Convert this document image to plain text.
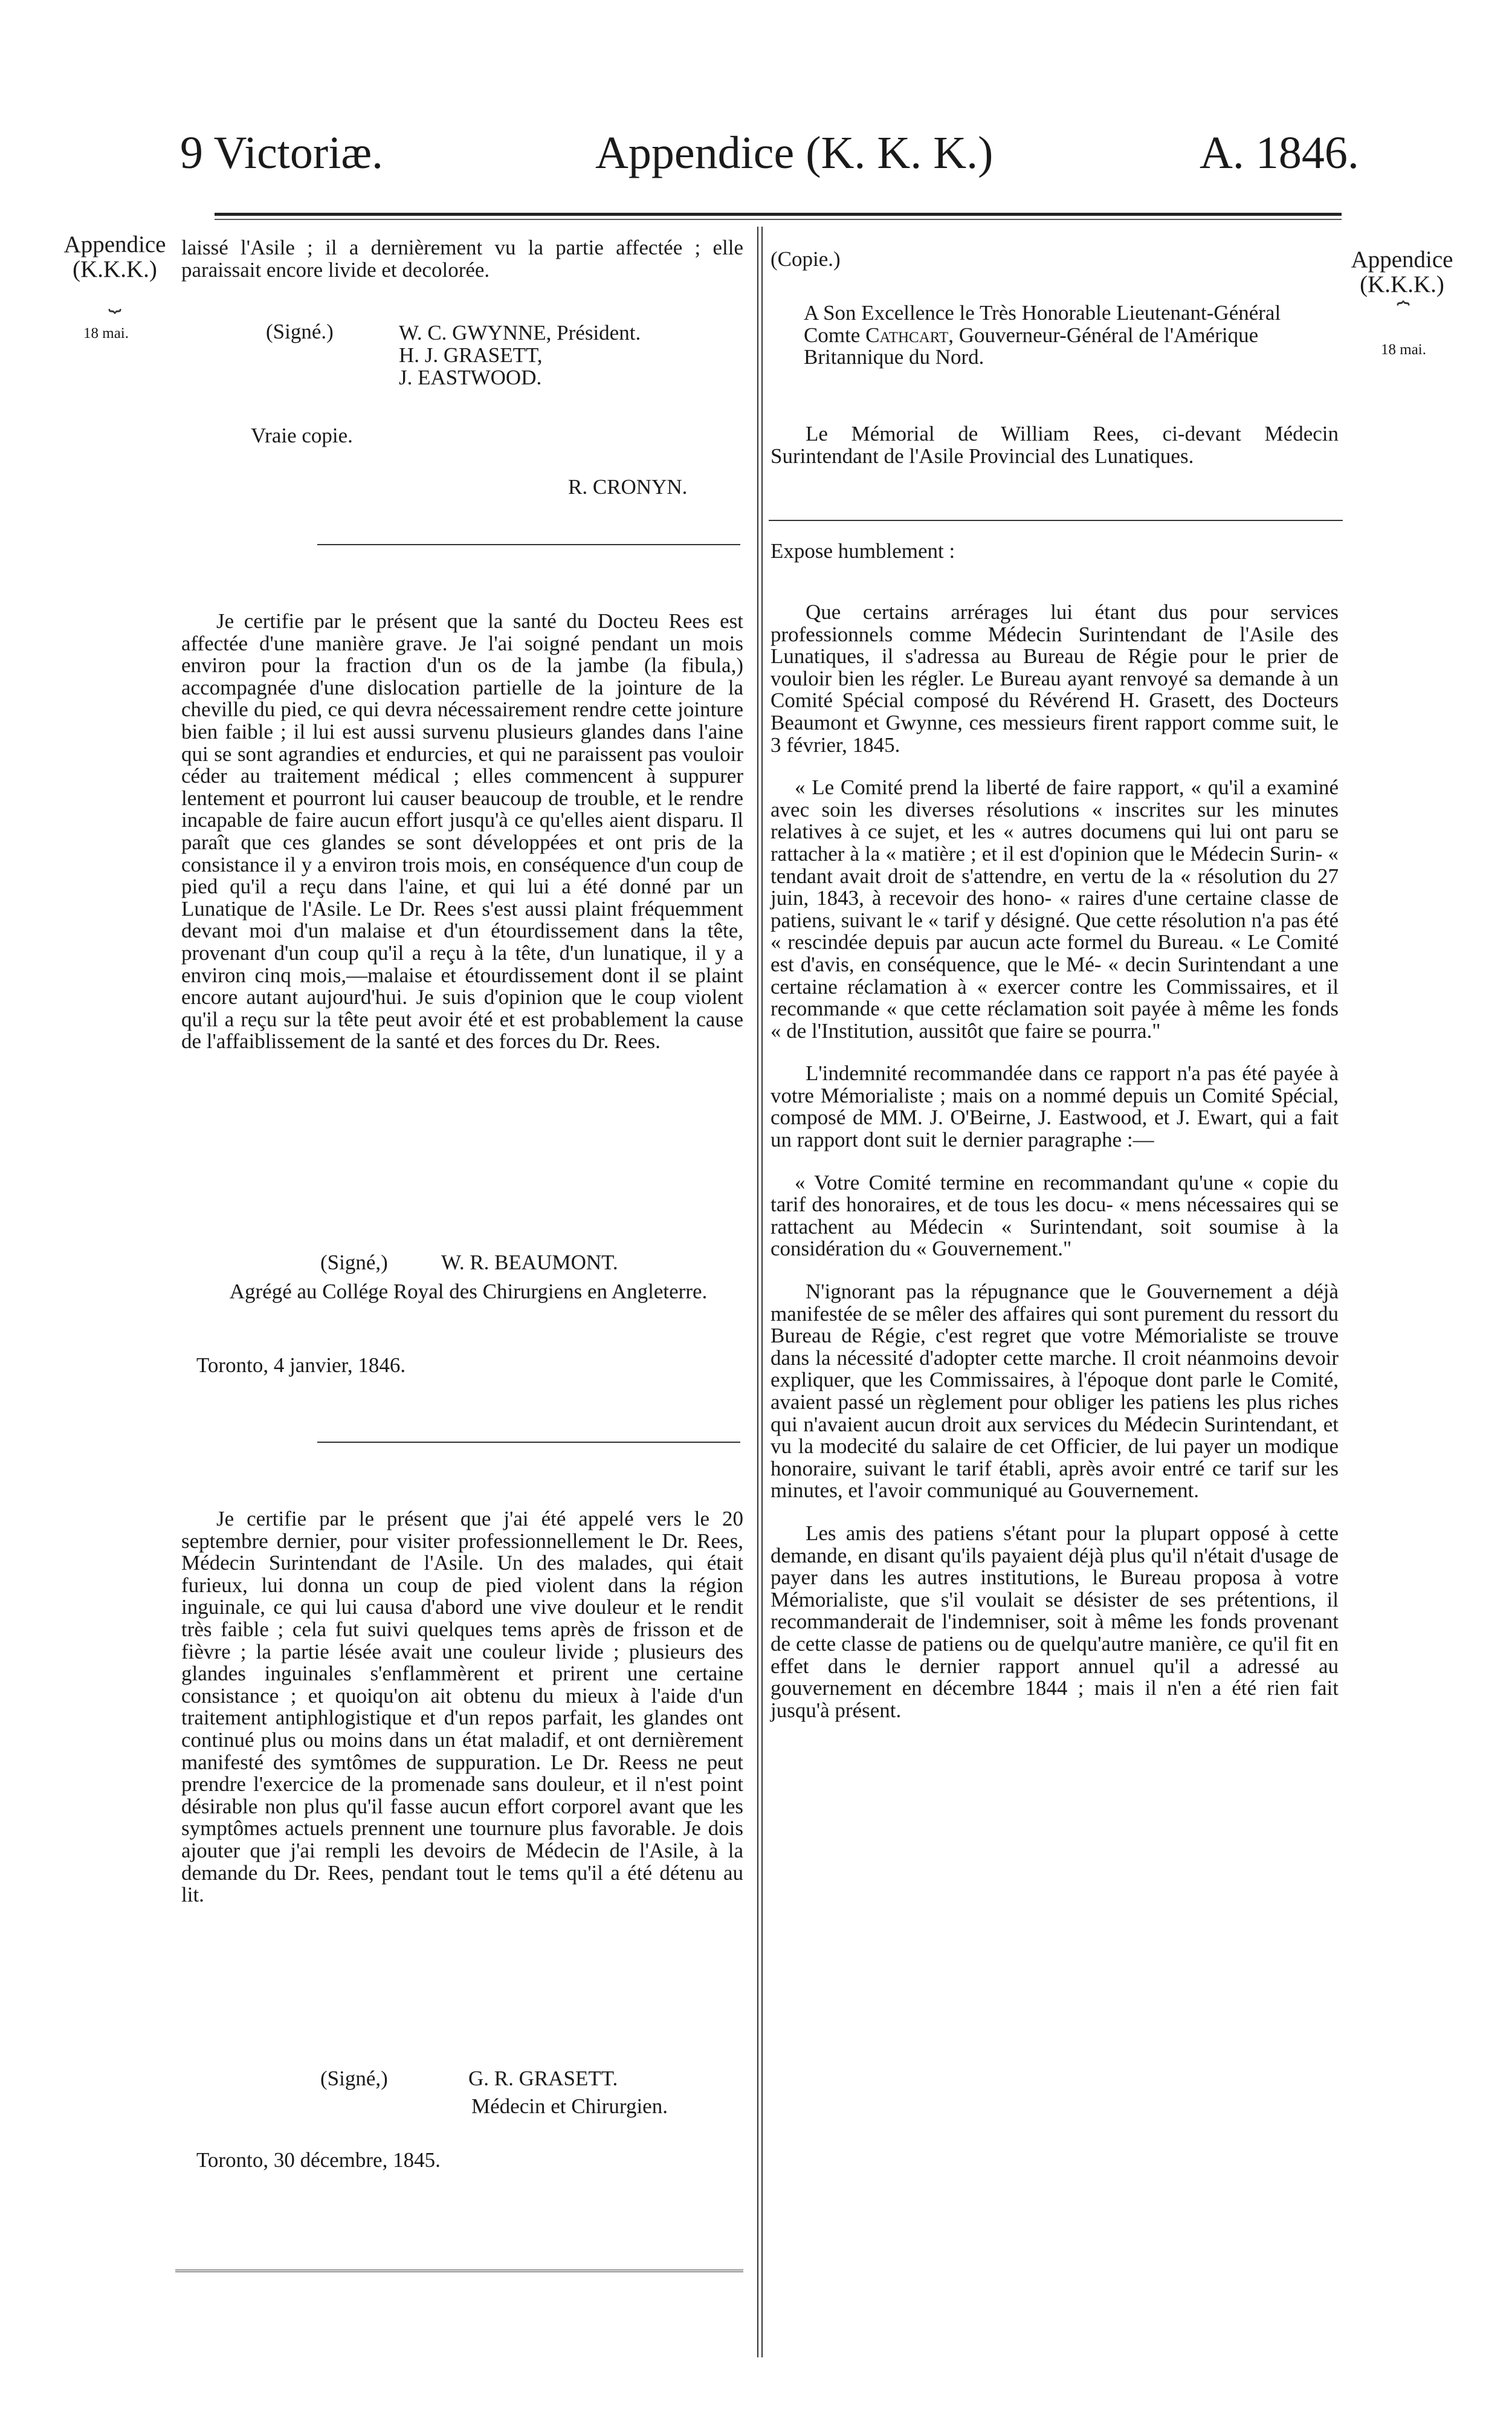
9 Victoriæ.	Appendice (K. K. K.)	A. 1846.
Appendice
(K.K.K.)
⏟
18 mai.
Appendice
(K.K.K.)
⏞
18 mai.

laissé l'Asile ; il a dernièrement vu la partie affectée ; elle paraissait encore livide et decolorée.

(Signé.)	W. C. GWYNNE, Président.
H. J. GRASETT,
J. EASTWOOD.
Vraie copie.
R. CRONYN.

Je certifie par le présent que la santé du Docteu Rees est affectée d'une manière grave. Je l'ai soigné pendant un mois environ pour la fraction d'un os de la jambe (la fibula,) accompagnée d'une dislocation partielle de la jointure de la cheville du pied, ce qui devra nécessairement rendre cette jointure bien faible ; il lui est aussi survenu plusieurs glandes dans l'aine qui se sont agrandies et endurcies, et qui ne paraissent pas vouloir céder au traitement médical ; elles commencent à suppurer lentement et pourront lui causer beaucoup de trouble, et le rendre incapable de faire aucun effort jusqu'à ce qu'elles aient disparu. Il paraît que ces glandes se sont développées et ont pris de la consistance il y a environ trois mois, en conséquence d'un coup de pied qu'il a reçu dans l'aine, et qui lui a été donné par un Lunatique de l'Asile. Le Dr. Rees s'est aussi plaint fréquemment devant moi d'un malaise et d'un étourdissement dans la tête, provenant d'un coup qu'il a reçu à la tête, d'un lunatique, il y a environ cinq mois,—malaise et étourdissement dont il se plaint encore autant aujourd'hui. Je suis d'opinion que le coup violent qu'il a reçu sur la tête peut avoir été et est probablement la cause de l'affaiblissement de la santé et des forces du Dr. Rees.

(Signé,)	W. R. BEAUMONT.
Agrégé au Collége Royal des Chirurgiens en Angleterre.
Toronto, 4 janvier, 1846.

Je certifie par le présent que j'ai été appelé vers le 20 septembre dernier, pour visiter professionnellement le Dr. Rees, Médecin Surintendant de l'Asile. Un des malades, qui était furieux, lui donna un coup de pied violent dans la région inguinale, ce qui lui causa d'abord une vive douleur et le rendit très faible ; cela fut suivi quelques tems après de frisson et de fièvre ; la partie lésée avait une couleur livide ; plusieurs des glandes inguinales s'enflammèrent et prirent une certaine consistance ; et quoiqu'on ait obtenu du mieux à l'aide d'un traitement antiphlogistique et d'un repos parfait, les glandes ont continué plus ou moins dans un état maladif, et ont dernièrement manifesté des symtômes de suppuration. Le Dr. Reess ne peut prendre l'exercice de la promenade sans douleur, et il n'est point désirable non plus qu'il fasse aucun effort corporel avant que les symptômes actuels prennent une tournure plus favorable. Je dois ajouter que j'ai rempli les devoirs de Médecin de l'Asile, à la demande du Dr. Rees, pendant tout le tems qu'il a été détenu au lit.

(Signé,)	G. R. GRASETT.
Médecin et Chirurgien.
Toronto, 30 décembre, 1845.
(Copie.)

A Son Excellence le Très Honorable Lieutenant-Général Comte Cathcart, Gouverneur-Général de l'Amérique Britannique du Nord.

Le Mémorial de William Rees, ci-devant Médecin Surintendant de l'Asile Provincial des Lunatiques.

Expose humblement :

Que certains arrérages lui étant dus pour services professionnels comme Médecin Surintendant de l'Asile des Lunatiques, il s'adressa au Bureau de Régie pour le prier de vouloir bien les régler. Le Bureau ayant renvoyé sa demande à un Comité Spécial composé du Révérend H. Grasett, des Docteurs Beaumont et Gwynne, ces messieurs firent rapport comme suit, le 3 février, 1845.

« Le Comité prend la liberté de faire rapport, « qu'il a examiné avec soin les diverses résolutions « inscrites sur les minutes relatives à ce sujet, et les « autres documens qui lui ont paru se rattacher à la « matière ; et il est d'opinion que le Médecin Surin- « tendant avait droit de s'attendre, en vertu de la « résolution du 27 juin, 1843, à recevoir des hono- « raires d'une certaine classe de patiens, suivant le « tarif y désigné. Que cette résolution n'a pas été « rescindée depuis par aucun acte formel du Bureau. « Le Comité est d'avis, en conséquence, que le Mé- « decin Surintendant a une certaine réclamation à « exercer contre les Commissaires, et il recommande « que cette réclamation soit payée à même les fonds « de l'Institution, aussitôt que faire se pourra."

L'indemnité recommandée dans ce rapport n'a pas été payée à votre Mémorialiste ; mais on a nommé depuis un Comité Spécial, composé de MM. J. O'Beirne, J. Eastwood, et J. Ewart, qui a fait un rapport dont suit le dernier paragraphe :—

« Votre Comité termine en recommandant qu'une « copie du tarif des honoraires, et de tous les docu- « mens nécessaires qui se rattachent au Médecin « Surintendant, soit soumise à la considération du « Gouvernement."

N'ignorant pas la répugnance que le Gouvernement a déjà manifestée de se mêler des affaires qui sont purement du ressort du Bureau de Régie, c'est regret que votre Mémorialiste se trouve dans la nécessité d'adopter cette marche. Il croit néanmoins devoir expliquer, que les Commissaires, à l'époque dont parle le Comité, avaient passé un règlement pour obliger les patiens les plus riches qui n'avaient aucun droit aux services du Médecin Surintendant, et vu la modecité du salaire de cet Officier, de lui payer un modique honoraire, suivant le tarif établi, après avoir entré ce tarif sur les minutes, et l'avoir communiqué au Gouvernement.

Les amis des patiens s'étant pour la plupart opposé à cette demande, en disant qu'ils payaient déjà plus qu'il n'était d'usage de payer dans les autres institutions, le Bureau proposa à votre Mémorialiste, que s'il voulait se désister de ses prétentions, il recommanderait de l'indemniser, soit à même les fonds provenant de cette classe de patiens ou de quelqu'autre manière, ce qu'il fit en effet dans le dernier rapport annuel qu'il a adressé au gouvernement en décembre 1844 ; mais il n'en a été rien fait jusqu'à présent.
